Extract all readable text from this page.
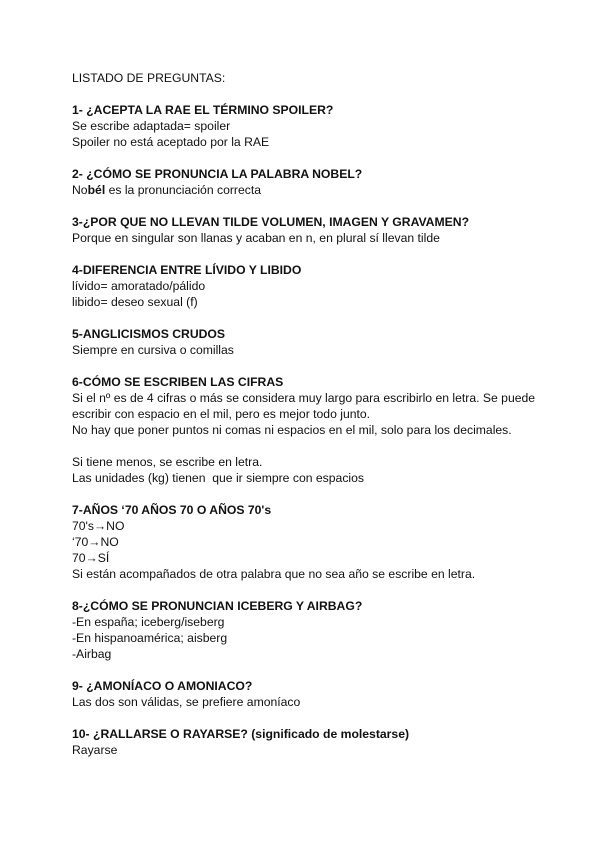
LISTADO DE PREGUNTAS:

1- ¿ACEPTA LA RAE EL TÉRMINO SPOILER?

Se escribe adaptada= spoiler

Spoiler no está aceptado por la RAE

2- ¿CÓMO SE PRONUNCIA LA PALABRA NOBEL?

Nobél es la pronunciación correcta

3-¿POR QUE NO LLEVAN TILDE VOLUMEN, IMAGEN Y GRAVAMEN?

Porque en singular son llanas y acaban en n, en plural sí llevan tilde

4-DIFERENCIA ENTRE LÍVIDO Y LIBIDO

lívido= amoratado/pálido

libido= deseo sexual (f)

5-ANGLICISMOS CRUDOS

Siempre en cursiva o comillas

6-CÓMO SE ESCRIBEN LAS CIFRAS

Si el nº es de 4 cifras o más se considera muy largo para escribirlo en letra. Se puede escribir con espacio en el mil, pero es mejor todo junto.

No hay que poner puntos ni comas ni espacios en el mil, solo para los decimales.

Si tiene menos, se escribe en letra.

Las unidades (kg) tienen  que ir siempre con espacios

7-AÑOS ‘70 AÑOS 70 O AÑOS 70's

70's→NO

‘70→NO

70→SÍ

Si están acompañados de otra palabra que no sea año se escribe en letra.

8-¿CÓMO SE PRONUNCIAN ICEBERG Y AIRBAG?

-En españa; iceberg/iseberg

-En hispanoamérica; aisberg

-Airbag

9- ¿AMONÍACO O AMONIACO?

Las dos son válidas, se prefiere amoníaco

10- ¿RALLARSE O RAYARSE? (significado de molestarse)

Rayarse
